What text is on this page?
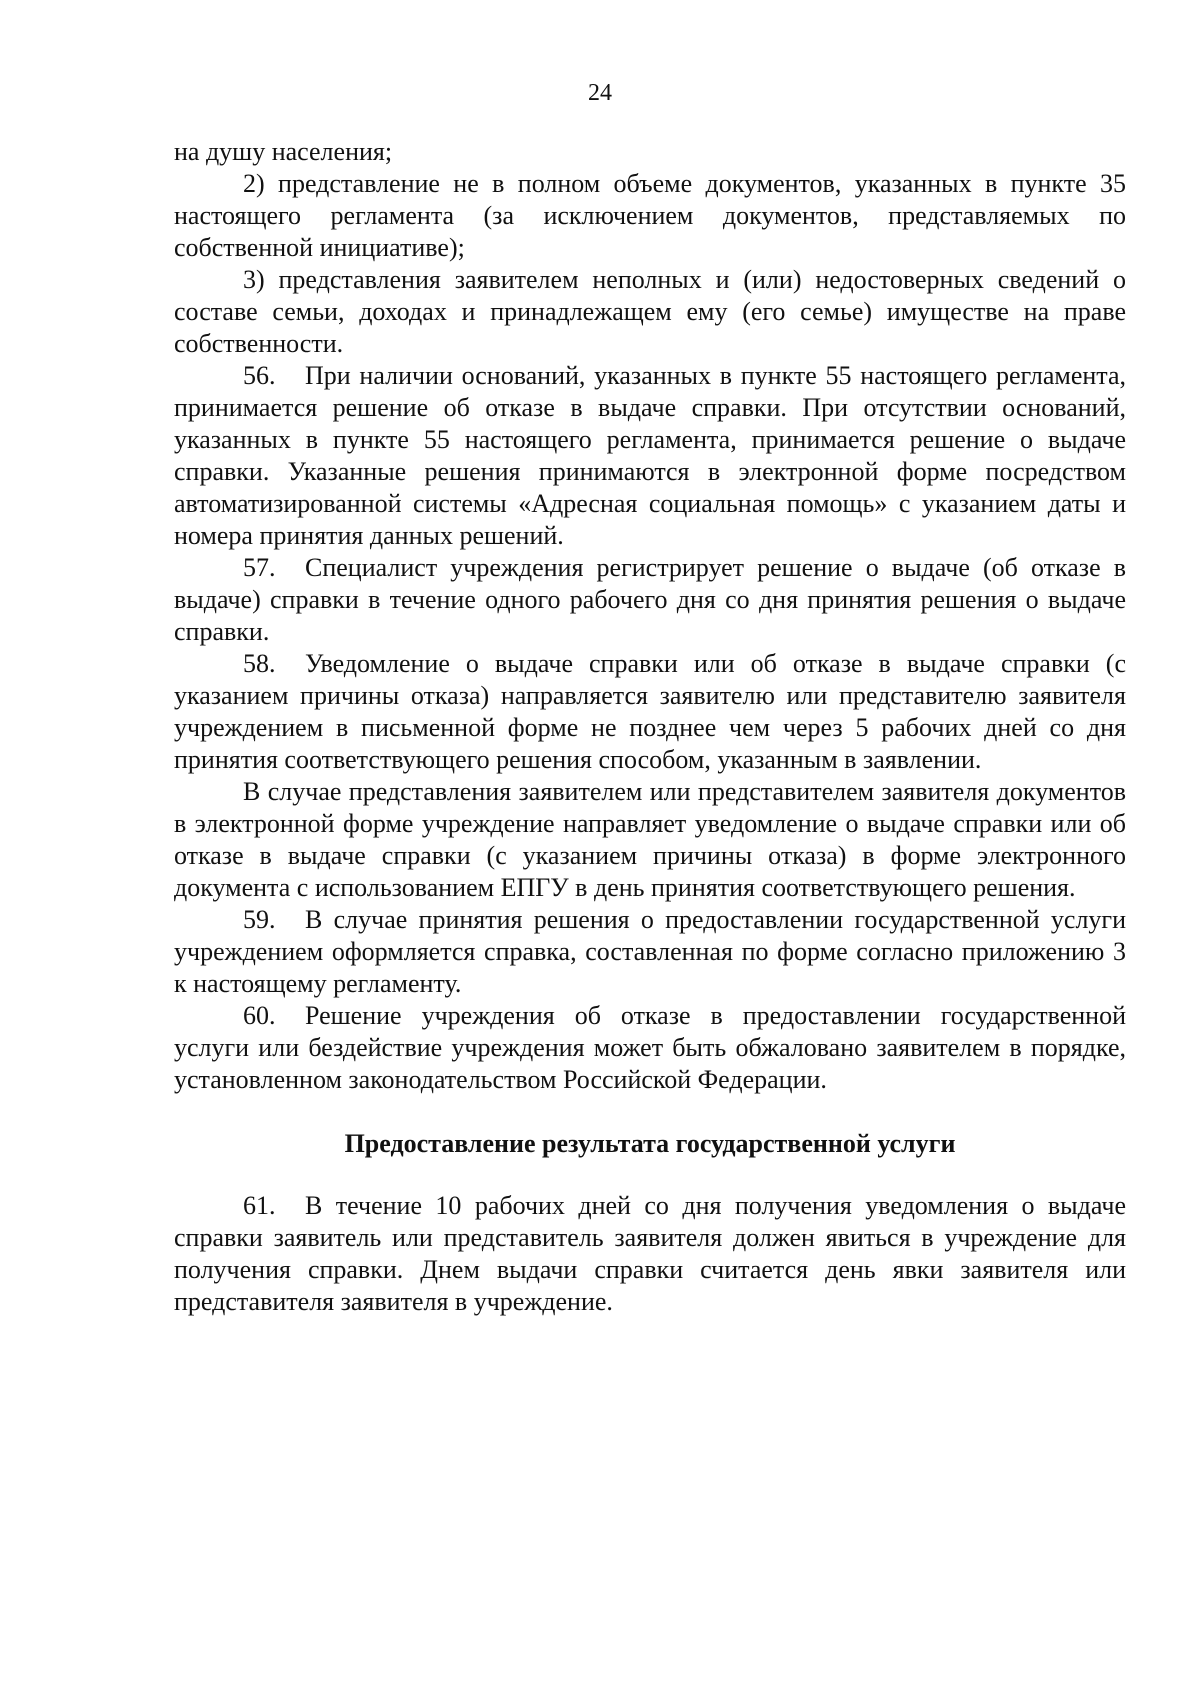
24

на душу населения;

2) представление не в полном объеме документов, указанных в пункте 35 настоящего регламента (за исключением документов, представляемых по собственной инициативе);

3) представления заявителем неполных и (или) недостоверных сведений о составе семьи, доходах и принадлежащем ему (его семье) имуществе на праве собственности.

56. При наличии оснований, указанных в пункте 55 настоящего регламента, принимается решение об отказе в выдаче справки. При отсутствии оснований, указанных в пункте 55 настоящего регламента, принимается решение о выдаче справки. Указанные решения принимаются в электронной форме посредством автоматизированной системы «Адресная социальная помощь» с указанием даты и номера принятия данных решений.

57. Специалист учреждения регистрирует решение о выдаче (об отказе в выдаче) справки в течение одного рабочего дня со дня принятия решения о выдаче справки.

58. Уведомление о выдаче справки или об отказе в выдаче справки (с указанием причины отказа) направляется заявителю или представителю заявителя учреждением в письменной форме не позднее чем через 5 рабочих дней со дня принятия соответствующего решения способом, указанным в заявлении.

В случае представления заявителем или представителем заявителя документов в электронной форме учреждение направляет уведомление о выдаче справки или об отказе в выдаче справки (с указанием причины отказа) в форме электронного документа с использованием ЕПГУ в день принятия соответствующего решения.

59. В случае принятия решения о предоставлении государственной услуги учреждением оформляется справка, составленная по форме согласно приложению 3 к настоящему регламенту.

60. Решение учреждения об отказе в предоставлении государственной услуги или бездействие учреждения может быть обжаловано заявителем в порядке, установленном законодательством Российской Федерации.

Предоставление результата государственной услуги

61. В течение 10 рабочих дней со дня получения уведомления о выдаче справки заявитель или представитель заявителя должен явиться в учреждение для получения справки. Днем выдачи справки считается день явки заявителя или представителя заявителя в учреждение.
